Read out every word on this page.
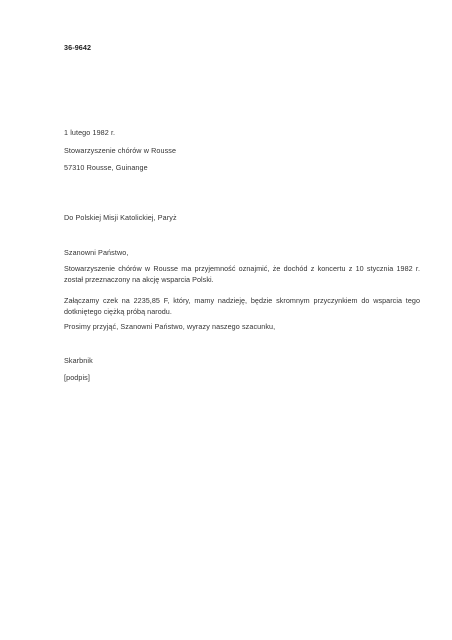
36-9642
1 lutego 1982 r.
Stowarzyszenie chórów w Rousse
57310 Rousse, Guinange
Do Polskiej Misji Katolickiej, Paryż
Szanowni Państwo,
Stowarzyszenie chórów w Rousse ma przyjemność oznajmić, że dochód z koncertu z 10 stycznia 1982 r. został przeznaczony na akcję wsparcia Polski.
Załączamy czek na 2235,85 F, który, mamy nadzieję, będzie skromnym przyczynkiem do wsparcia tego dotkniętego ciężką próbą narodu.
Prosimy przyjąć, Szanowni Państwo, wyrazy naszego szacunku,
Skarbnik
[podpis]
